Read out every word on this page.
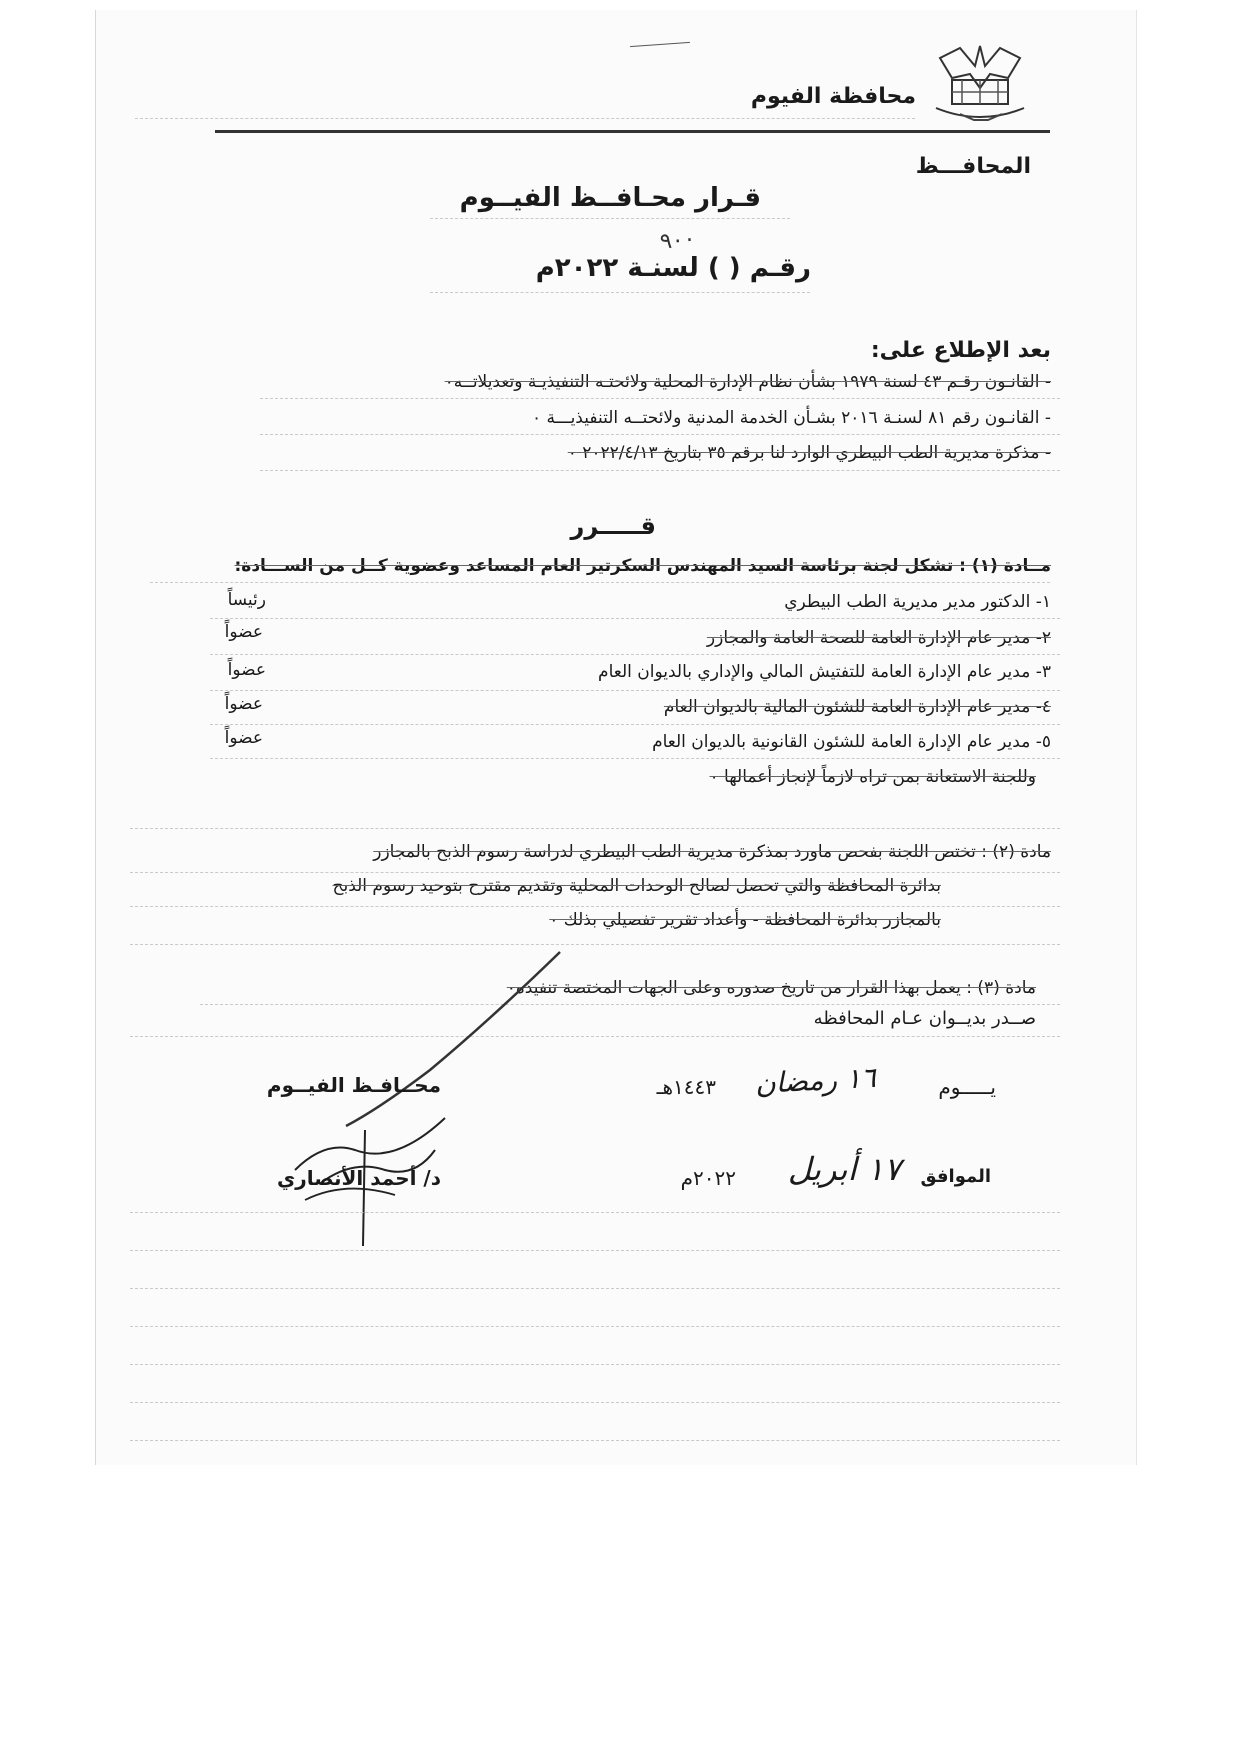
محافظة الفيوم
المحافـــظ
قـرار محـافــظ الفيــوم
٩٠٠
رقـم ( ) لسنـة ٢٠٢٢م
بعد الإطلاع على:
- القانـون رقـم ٤٣ لسنة ١٩٧٩ بشأن نظام الإدارة المحلية ولائحتـه التنفيذيـة وتعديلاتــه٠
- القانـون رقم ٨١ لسنـة ٢٠١٦ بشـأن الخدمة المدنية ولائحتــه التنفيذيـــة ٠
- مذكرة مديرية الطب البيطري الوارد لنا برقم ٣٥ بتاريخ ٢٠٢٢/٤/١٣ ٠
قـــــرر
مــادة (١) : تشكل لجنة برئاسة السيد المهندس السكرتير العام المساعد وعضوية كــل من الســـادة:
١- الدكتور مدير مديرية الطب البيطري
رئيساً
٢- مدير عام الإدارة العامة للصحة العامة والمجازر
عضواً
٣- مدير عام الإدارة العامة للتفتيش المالي والإداري بالديوان العام
عضواً
٤- مدير عام الإدارة العامة للشئون المالية بالديوان العام
عضواً
٥- مدير عام الإدارة العامة للشئون القانونية بالديوان العام
عضواً
وللجنة الاستعانة بمن تراه لازماً لإنجاز أعمالها ٠
مادة (٢) : تختص اللجنة بفحص ماورد بمذكرة مديرية الطب البيطري لدراسة رسوم الذبح بالمجازر
بدائرة المحافظة والتي تحصل لصالح الوحدات المحلية وتقديم مقترح بتوحيد رسوم الذبح
بالمجازر بدائرة المحافظة - وأعداد تقرير تفصيلي بذلك ٠
مادة (٣) : يعمل بهذا القرار من تاريخ صدوره وعلى الجهات المختصة تنفيذه٠
صــدر بديــوان عـام المحافظه
يـــــوم
١٦ رمضان
١٤٤٣هـ
الموافق
١٧ أبريل
٢٠٢٢م
محــافـظ الفيــوم
د/ أحمد الأنصاري
